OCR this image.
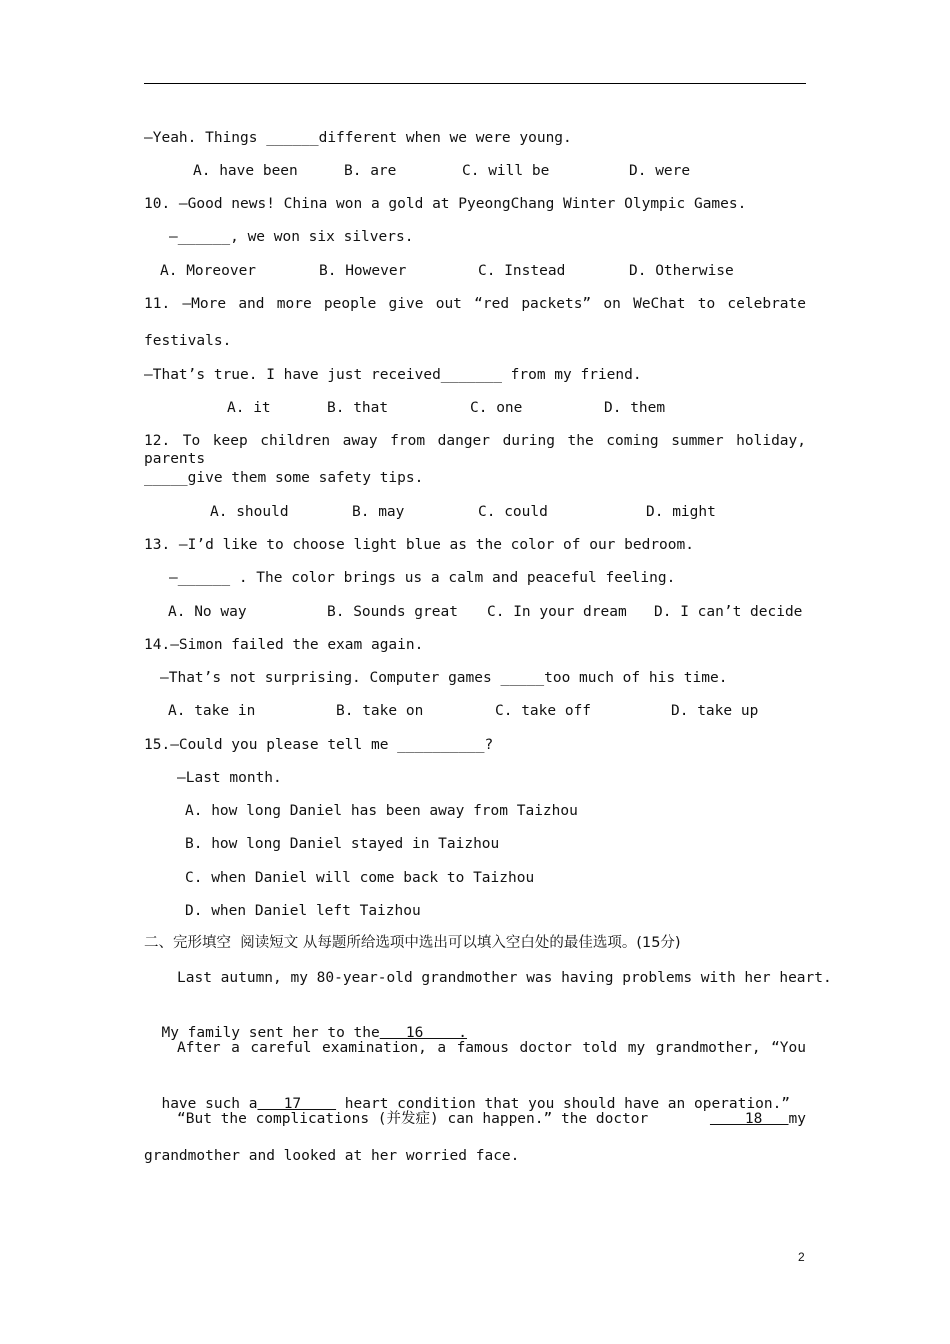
—Yeah. Things ______different when we were young.
A. have been	B. are	C. will be	D. were
10. —Good news! China won a gold at PyeongChang Winter Olympic Games.
—______, we won six silvers.
A. Moreover	B. However	C. Instead	D. Otherwise
11. —More and more people give out “red packets” on WeChat to celebrate
festivals.
—That’s true. I have just received_______ from my friend.
A. it	B. that	C. one	D. them
12. To keep children away from danger during the coming summer holiday, parents
_____give them some safety tips.
A. should	B. may	C. could	D. might
13. —I’d like to choose light blue as the color of our bedroom.
—______ . The color brings us a calm and peaceful feeling.
A. No way	B. Sounds great C. In your dream D. I can’t decide
14.—Simon failed the exam again.
—That’s not surprising. Computer games _____too much of his time.
A. take in	B. take on	C. take off	D. take up
15.—Could you please tell me __________?
—Last month.
A. how long Daniel has been away from Taizhou
B. how long Daniel stayed in Taizhou
C. when Daniel will come back to Taizhou
D. when Daniel left Taizhou
二、完形填空  阅读短文 从每题所给选项中选出可以填入空白处的最佳选项。(15分)
Last autumn, my 80-year-old grandmother was having problems with her heart.

My family sent her to the   16    .

After a careful examination, a famous doctor told my grandmother, “You

have such a   17     heart condition that you should have an operation.”

“But the complications (并发症) can happen.” the doctor	18   my
grandmother and looked at her worried face.
2
